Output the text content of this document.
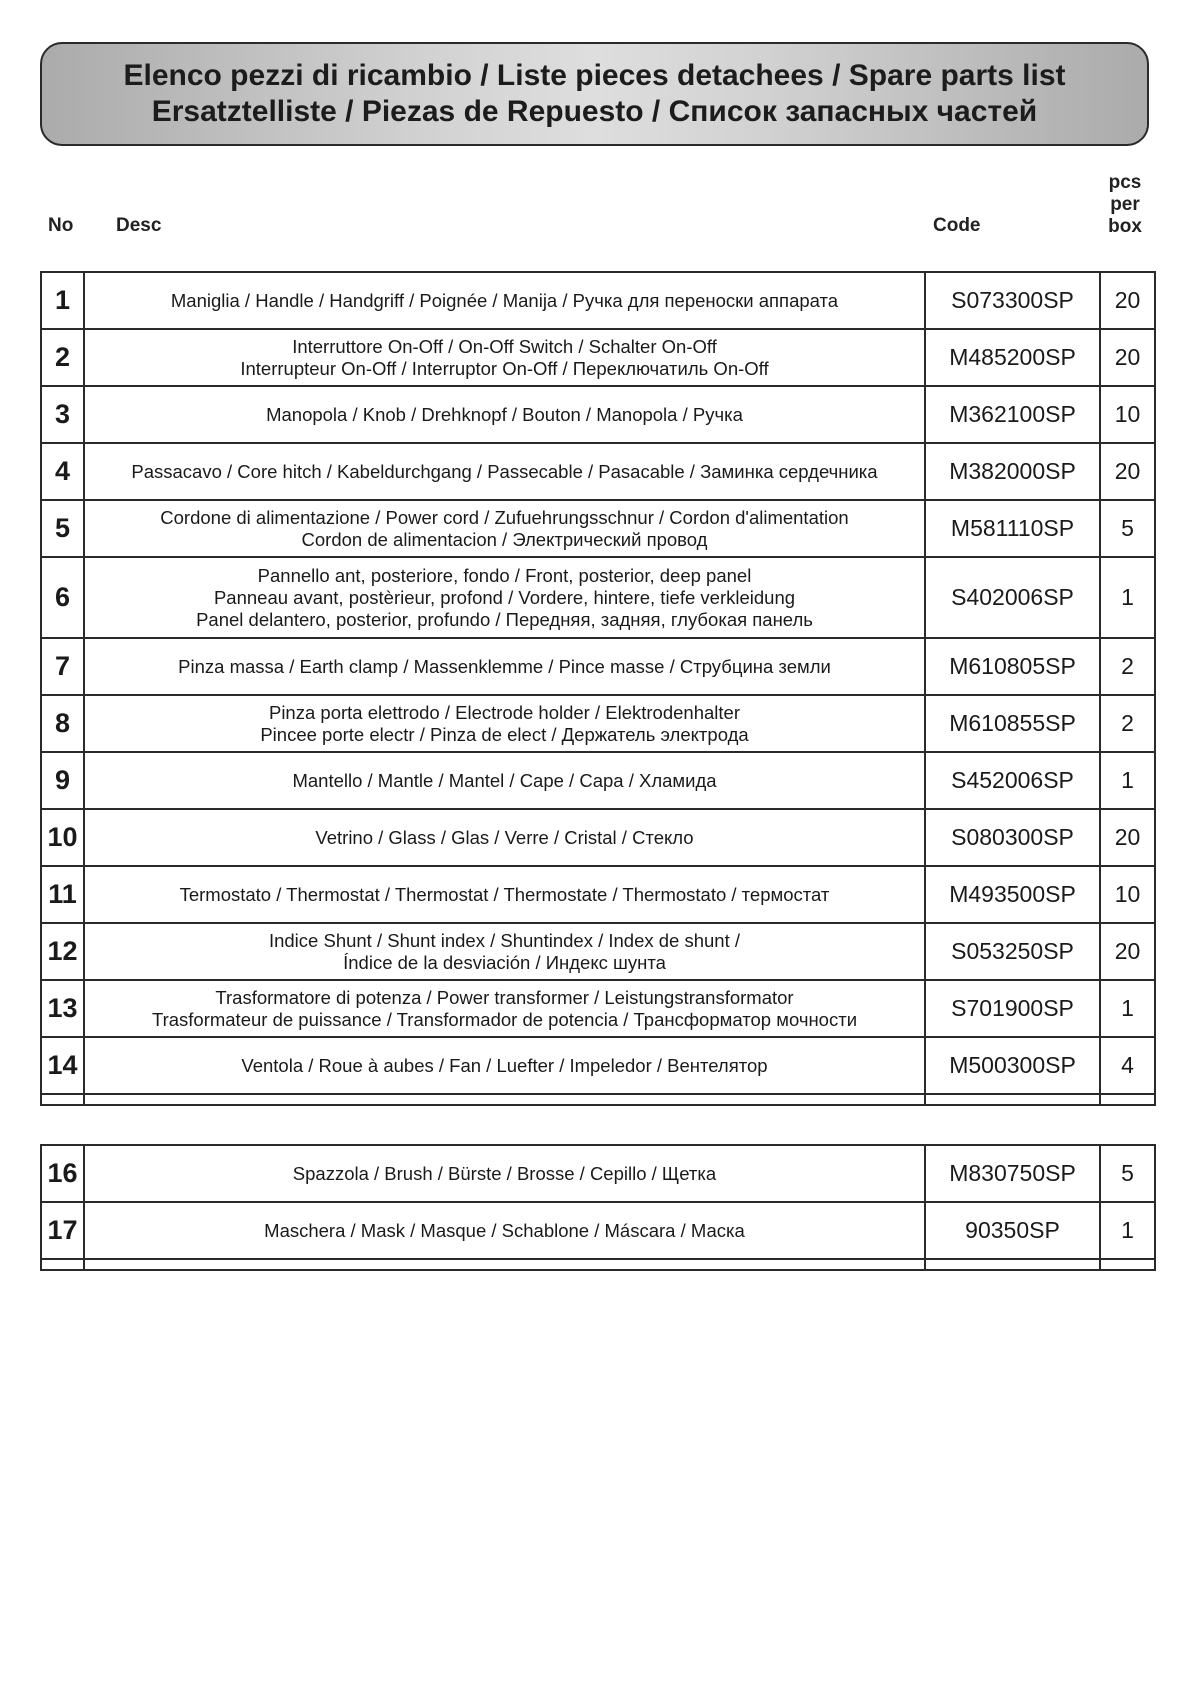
Elenco pezzi di ricambio / Liste pieces detachees / Spare parts list
Ersatztelliste / Piezas de Repuesto / Список запасных частей
No Desc	Code
pcs
per
box
1	Maniglia / Handle / Handgriff / Poignée / Manija / Ручка для переноски аппарата	S073300SP	20
2	Interruttore On-Off / On-Off Switch / Schalter On-Off
Interrupteur On-Off / Interruptor On-Off / Переключатиль On-Off	M485200SP	20
3	Manopola / Knob / Drehknopf / Bouton / Manopola / Ручка	M362100SP	10
4	Passacavo / Core hitch / Kabeldurchgang / Passecable / Pasacable / Заминка сердечника	M382000SP	20
5	Cordone di alimentazione / Power cord / Zufuehrungsschnur / Cordon d'alimentation
Cordon de alimentacion / Электрический провод	M581110SP	5
6	Pannello ant, posteriore, fondo / Front, posterior, deep panel
Panneau avant, postèrieur, profond / Vordere, hintere, tiefe verkleidung
Panel delantero, posterior, profundo / Передняя, задняя, глубокая панель	S402006SP	1
7	Pinza massa / Earth clamp / Massenklemme / Pince masse / Струбцина земли	M610805SP	2
8	Pinza porta elettrodo / Electrode holder / Elektrodenhalter
Pincee porte electr / Pinza de elect / Держатель электрода	M610855SP	2
9	Mantello / Mantle / Mantel / Cape / Capa / Хламида	S452006SP	1
10	Vetrino / Glass / Glas / Verre / Cristal / Стекло	S080300SP	20
11	Termostato / Thermostat / Thermostat / Thermostate / Thermostato / термостат	M493500SP	10
12	Indice Shunt / Shunt index / Shuntindex / Index de shunt /
Índice de la desviación / Индекс шунта	S053250SP	20
13	Trasformatore di potenza / Power transformer / Leistungstransformator
Trasformateur de puissance / Transformador de potencia / Трансформатор мочности	S701900SP	1
14	Ventola / Roue à aubes / Fan / Luefter / Impeledor / Вентелятор	M500300SP	4

16	Spazzola / Brush / Bürste / Brosse / Cepillo / Щетка	M830750SP	5
17	Maschera / Mask / Masque / Schablone / Máscara / Маска	90350SP	1
